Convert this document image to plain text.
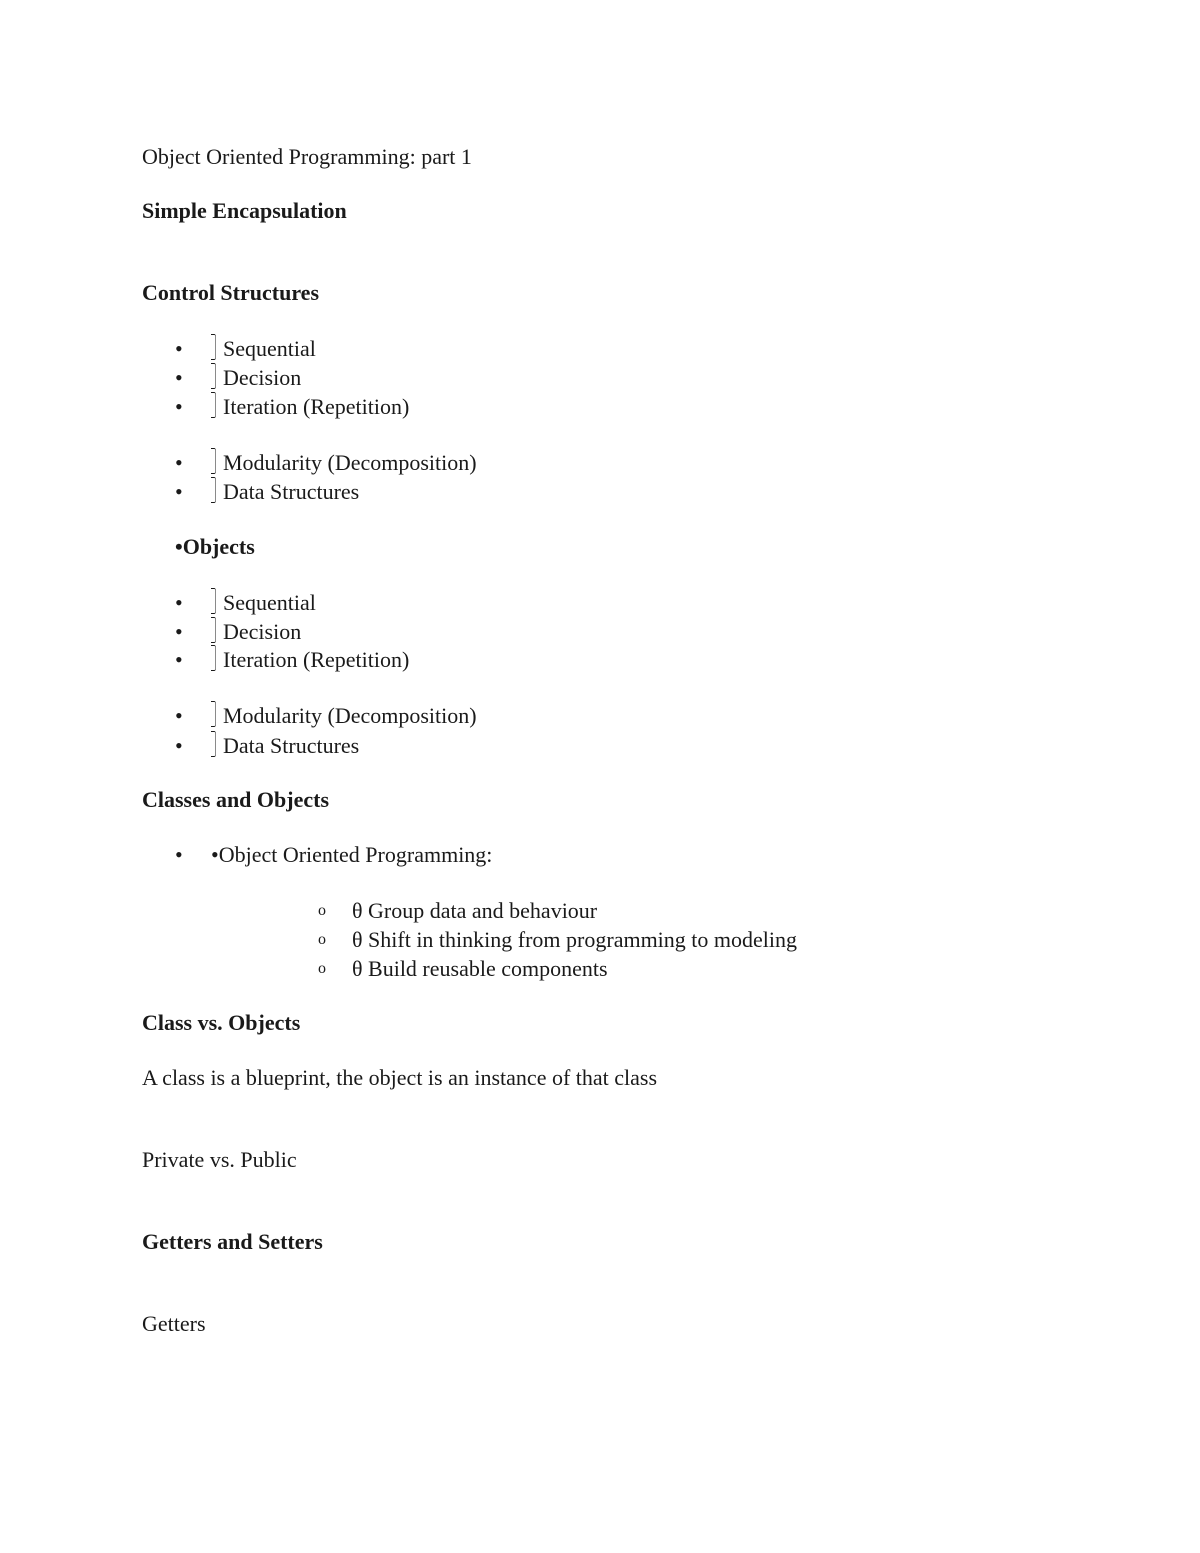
Object Oriented Programming: part 1
Simple Encapsulation
Control Structures
• Sequential
• Decision
• Iteration (Repetition)
• Modularity (Decomposition)
• Data Structures
•Objects
• Sequential
• Decision
• Iteration (Repetition)
• Modularity (Decomposition)
• Data Structures
Classes and Objects
• •Object Oriented Programming:
o θ Group data and behaviour
o θ Shift in thinking from programming to modeling
o θ Build reusable components
Class vs. Objects
A class is a blueprint, the object is an instance of that class
Private vs. Public
Getters and Setters
Getters
